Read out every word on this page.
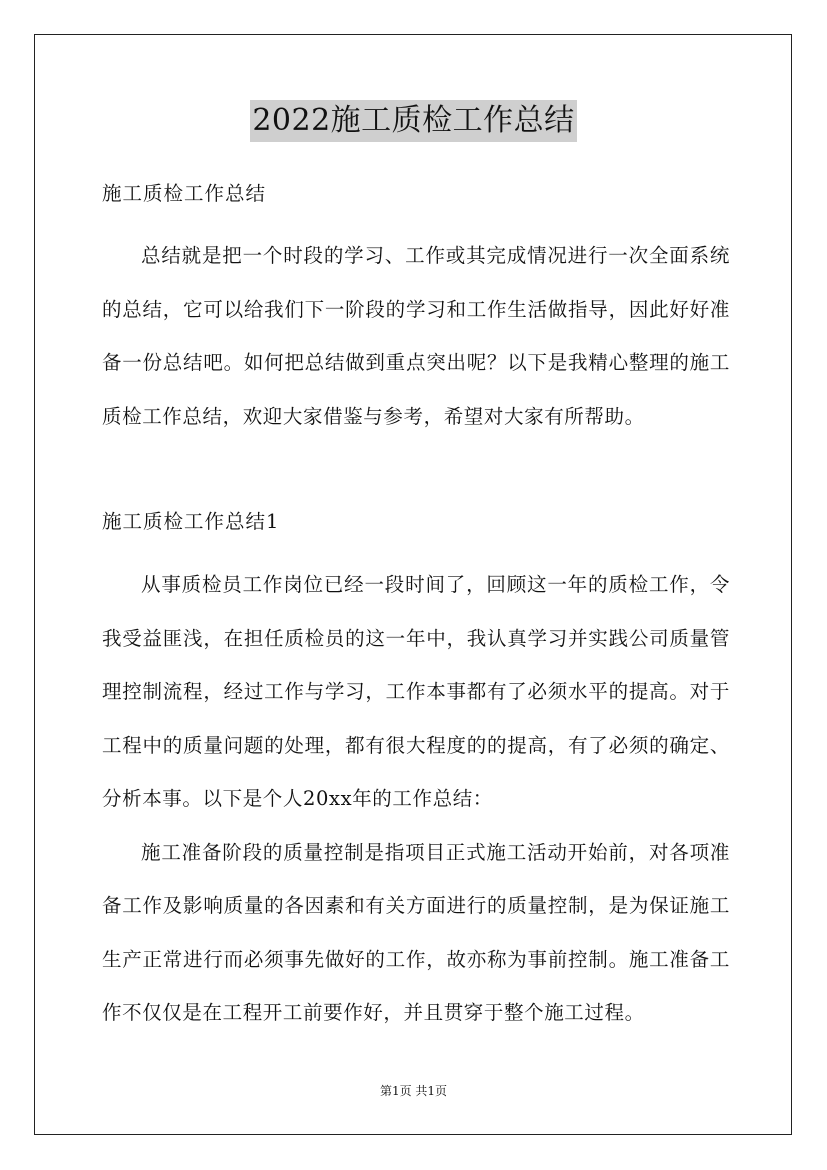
2022施工质检工作总结

施工质检工作总结

总结就是把一个时段的学习、工作或其完成情况进行一次全面系统的总结，它可以给我们下一阶段的学习和工作生活做指导，因此好好准备一份总结吧。如何把总结做到重点突出呢？以下是我精心整理的施工质检工作总结，欢迎大家借鉴与参考，希望对大家有所帮助。

施工质检工作总结1

从事质检员工作岗位已经一段时间了，回顾这一年的质检工作，令我受益匪浅，在担任质检员的这一年中，我认真学习并实践公司质量管理控制流程，经过工作与学习，工作本事都有了必须水平的提高。对于工程中的质量问题的处理，都有很大程度的的提高，有了必须的确定、分析本事。以下是个人20xx年的工作总结：

施工准备阶段的质量控制是指项目正式施工活动开始前，对各项准备工作及影响质量的各因素和有关方面进行的质量控制，是为保证施工生产正常进行而必须事先做好的工作，故亦称为事前控制。施工准备工作不仅仅是在工程开工前要作好，并且贯穿于整个施工过程。

第1页 共1页
